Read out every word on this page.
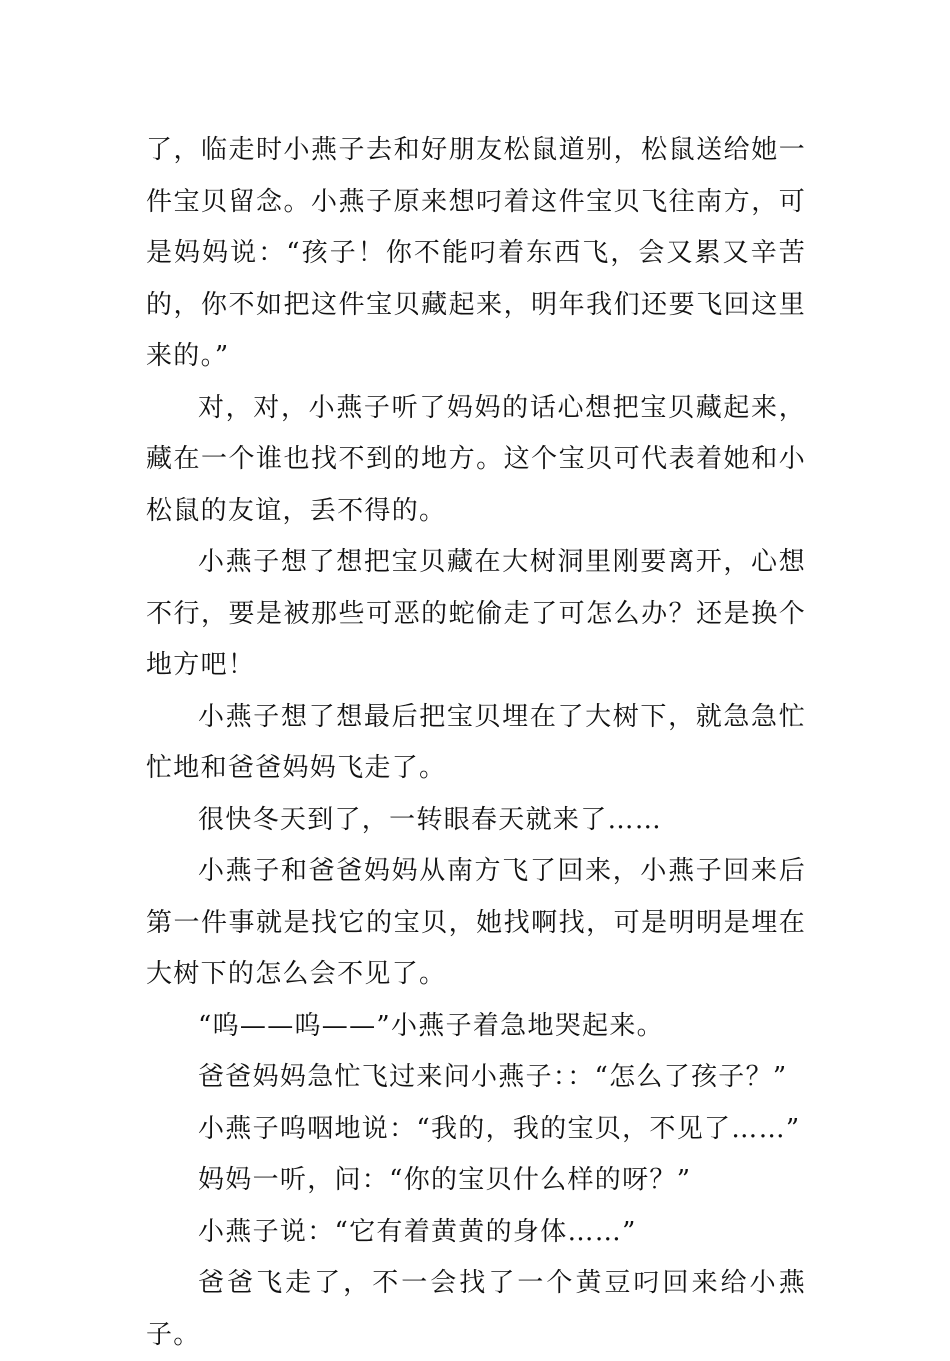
了，临走时小燕子去和好朋友松鼠道别，松鼠送给她一件宝贝留念。小燕子原来想叼着这件宝贝飞往南方，可是妈妈说：“孩子！你不能叼着东西飞，会又累又辛苦的，你不如把这件宝贝藏起来，明年我们还要飞回这里来的。”

对，对，小燕子听了妈妈的话心想把宝贝藏起来，藏在一个谁也找不到的地方。这个宝贝可代表着她和小松鼠的友谊，丢不得的。

小燕子想了想把宝贝藏在大树洞里刚要离开，心想不行，要是被那些可恶的蛇偷走了可怎么办？还是换个地方吧！

小燕子想了想最后把宝贝埋在了大树下，就急急忙忙地和爸爸妈妈飞走了。

很快冬天到了，一转眼春天就来了……

小燕子和爸爸妈妈从南方飞了回来，小燕子回来后第一件事就是找它的宝贝，她找啊找，可是明明是埋在大树下的怎么会不见了。

“呜——呜——”小燕子着急地哭起来。

爸爸妈妈急忙飞过来问小燕子：：“怎么了孩子？”

小燕子呜咽地说：“我的，我的宝贝，不见了……”

妈妈一听，问：“你的宝贝什么样的呀？”

小燕子说：“它有着黄黄的身体……”

爸爸飞走了，不一会找了一个黄豆叼回来给小燕子。
